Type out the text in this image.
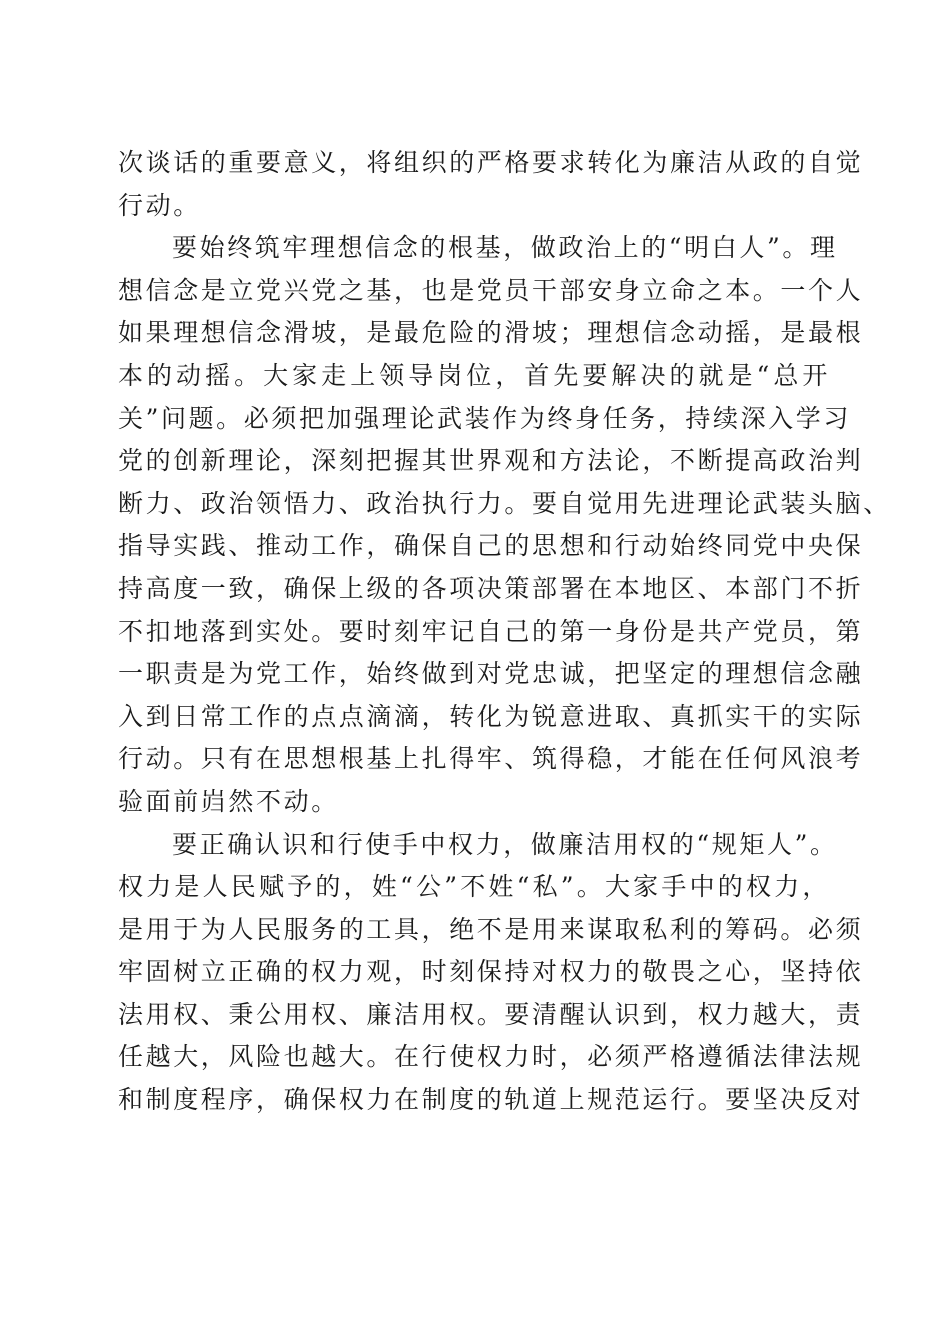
次谈话的重要意义，将组织的严格要求转化为廉洁从政的自觉
行动。
要始终筑牢理想信念的根基，做政治上的“明白人”。理
想信念是立党兴党之基，也是党员干部安身立命之本。一个人
如果理想信念滑坡，是最危险的滑坡；理想信念动摇，是最根
本的动摇。大家走上领导岗位，首先要解决的就是“总开
关”问题。必须把加强理论武装作为终身任务，持续深入学习
党的创新理论，深刻把握其世界观和方法论，不断提高政治判
断力、政治领悟力、政治执行力。要自觉用先进理论武装头脑、
指导实践、推动工作，确保自己的思想和行动始终同党中央保
持高度一致，确保上级的各项决策部署在本地区、本部门不折
不扣地落到实处。要时刻牢记自己的第一身份是共产党员，第
一职责是为党工作，始终做到对党忠诚，把坚定的理想信念融
入到日常工作的点点滴滴，转化为锐意进取、真抓实干的实际
行动。只有在思想根基上扎得牢、筑得稳，才能在任何风浪考
验面前岿然不动。
要正确认识和行使手中权力，做廉洁用权的“规矩人”。
权力是人民赋予的，姓“公”不姓“私”。大家手中的权力，
是用于为人民服务的工具，绝不是用来谋取私利的筹码。必须
牢固树立正确的权力观，时刻保持对权力的敬畏之心，坚持依
法用权、秉公用权、廉洁用权。要清醒认识到，权力越大，责
任越大，风险也越大。在行使权力时，必须严格遵循法律法规
和制度程序，确保权力在制度的轨道上规范运行。要坚决反对
